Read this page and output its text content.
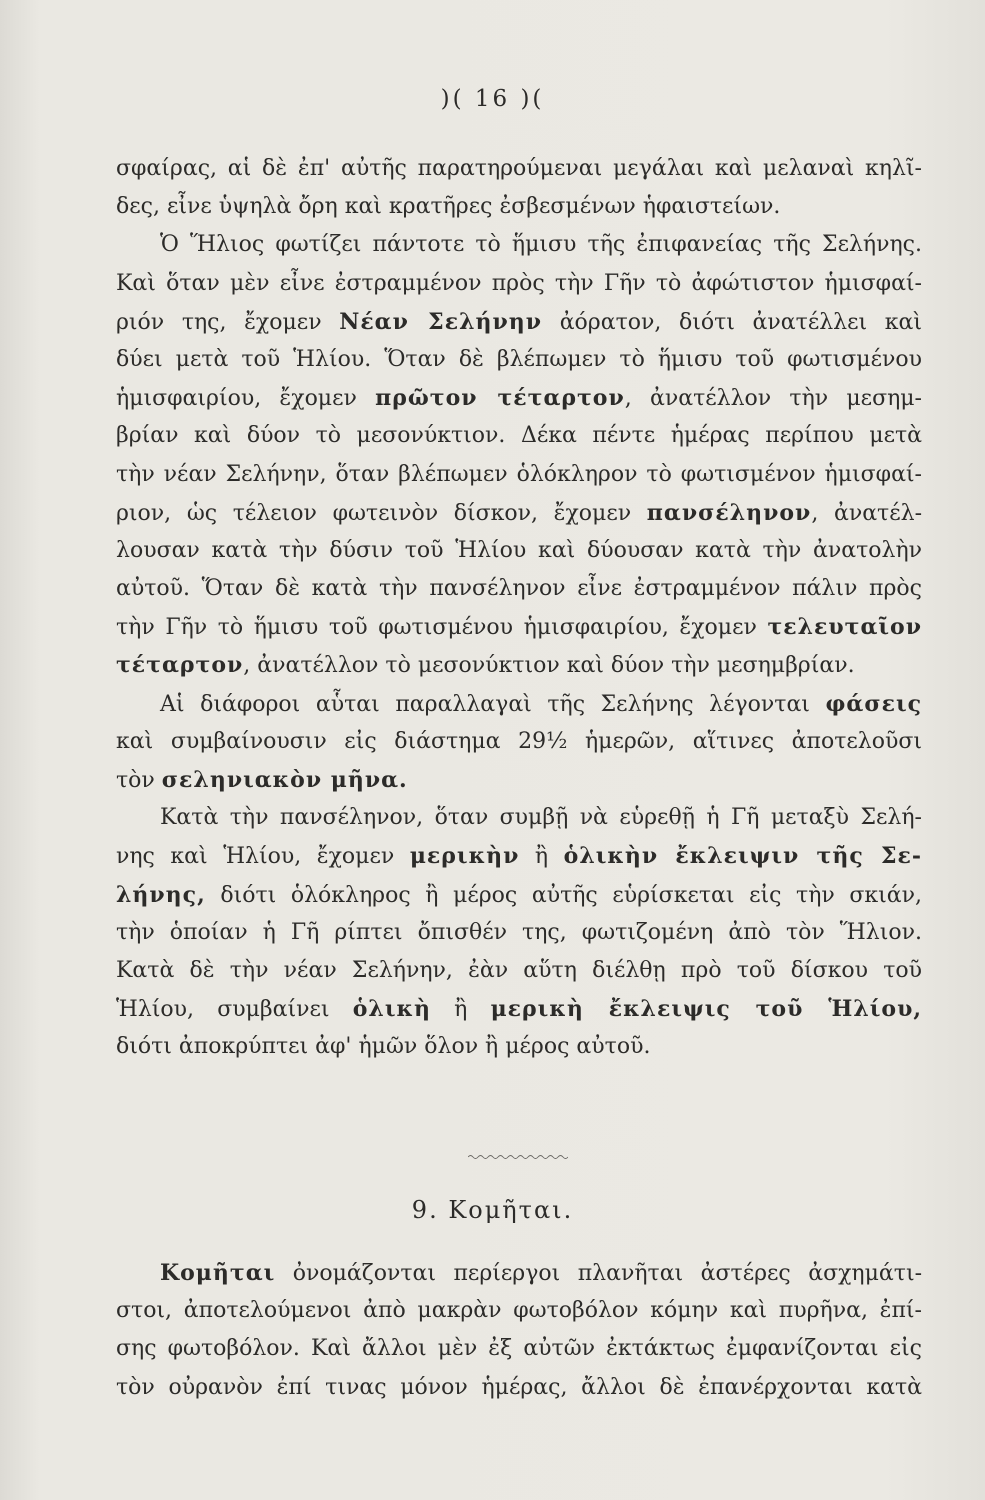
)( 16 )(
σφαίρας, αἱ δὲ ἐπ' αὐτῆς παρατηρούμεναι μεγάλαι καὶ μελαναὶ κηλῖ-
δες, εἶνε ὑψηλὰ ὄρη καὶ κρατῆρες ἐσβεσμένων ἡφαιστείων.
Ὁ Ἥλιος φωτίζει πάντοτε τὸ ἥμισυ τῆς ἐπιφανείας τῆς Σελήνης.
Καὶ ὅταν μὲν εἶνε ἐστραμμένον πρὸς τὴν Γῆν τὸ ἀφώτιστον ἡμισφαί-
ριόν της, ἔχομεν Νέαν Σελήνην ἀόρατον, διότι ἀνατέλλει καὶ
δύει μετὰ τοῦ Ἡλίου. Ὅταν δὲ βλέπωμεν τὸ ἥμισυ τοῦ φωτισμένου
ἡμισφαιρίου, ἔχομεν πρῶτον τέταρτον, ἀνατέλλον τὴν μεσημ-
βρίαν καὶ δύον τὸ μεσονύκτιον. Δέκα πέντε ἡμέρας περίπου μετὰ
τὴν νέαν Σελήνην, ὅταν βλέπωμεν ὁλόκληρον τὸ φωτισμένον ἡμισφαί-
ριον, ὡς τέλειον φωτεινὸν δίσκον, ἔχομεν πανσέληνον, ἀνατέλ-
λουσαν κατὰ τὴν δύσιν τοῦ Ἡλίου καὶ δύουσαν κατὰ τὴν ἀνατολὴν
αὐτοῦ. Ὅταν δὲ κατὰ τὴν πανσέληνον εἶνε ἐστραμμένον πάλιν πρὸς
τὴν Γῆν τὸ ἥμισυ τοῦ φωτισμένου ἡμισφαιρίου, ἔχομεν τελευταῖον
τέταρτον, ἀνατέλλον τὸ μεσονύκτιον καὶ δύον τὴν μεσημβρίαν.
Αἱ διάφοροι αὗται παραλλαγαὶ τῆς Σελήνης λέγονται φάσεις
καὶ συμβαίνουσιν εἰς διάστημα 29½ ἡμερῶν, αἵτινες ἀποτελοῦσι
τὸν σεληνιακὸν μῆνα.
Κατὰ τὴν πανσέληνον, ὅταν συμβῇ νὰ εὑρεθῇ ἡ Γῆ μεταξὺ Σελή-
νης καὶ Ἡλίου, ἔχομεν μερικὴν ἢ ὁλικὴν ἔκλειψιν τῆς Σε-
λήνης, διότι ὁλόκληρος ἢ μέρος αὐτῆς εὑρίσκεται εἰς τὴν σκιάν,
τὴν ὁποίαν ἡ Γῆ ρίπτει ὄπισθέν της, φωτιζομένη ἀπὸ τὸν Ἥλιον.
Κατὰ δὲ τὴν νέαν Σελήνην, ἐὰν αὕτη διέλθῃ πρὸ τοῦ δίσκου τοῦ
Ἡλίου, συμβαίνει ὁλικὴ ἢ μερικὴ ἔκλειψις τοῦ Ἡλίου,
διότι ἀποκρύπτει ἀφ' ἡμῶν ὅλον ἢ μέρος αὐτοῦ.
9. Κομῆται.
Κομῆται ὀνομάζονται περίεργοι πλανῆται ἀστέρες ἀσχημάτι-
στοι, ἀποτελούμενοι ἀπὸ μακρὰν φωτοβόλον κόμην καὶ πυρῆνα, ἐπί-
σης φωτοβόλον. Καὶ ἄλλοι μὲν ἐξ αὐτῶν ἐκτάκτως ἐμφανίζονται εἰς
τὸν οὐρανὸν ἐπί τινας μόνον ἡμέρας, ἄλλοι δὲ ἐπανέρχονται κατὰ
